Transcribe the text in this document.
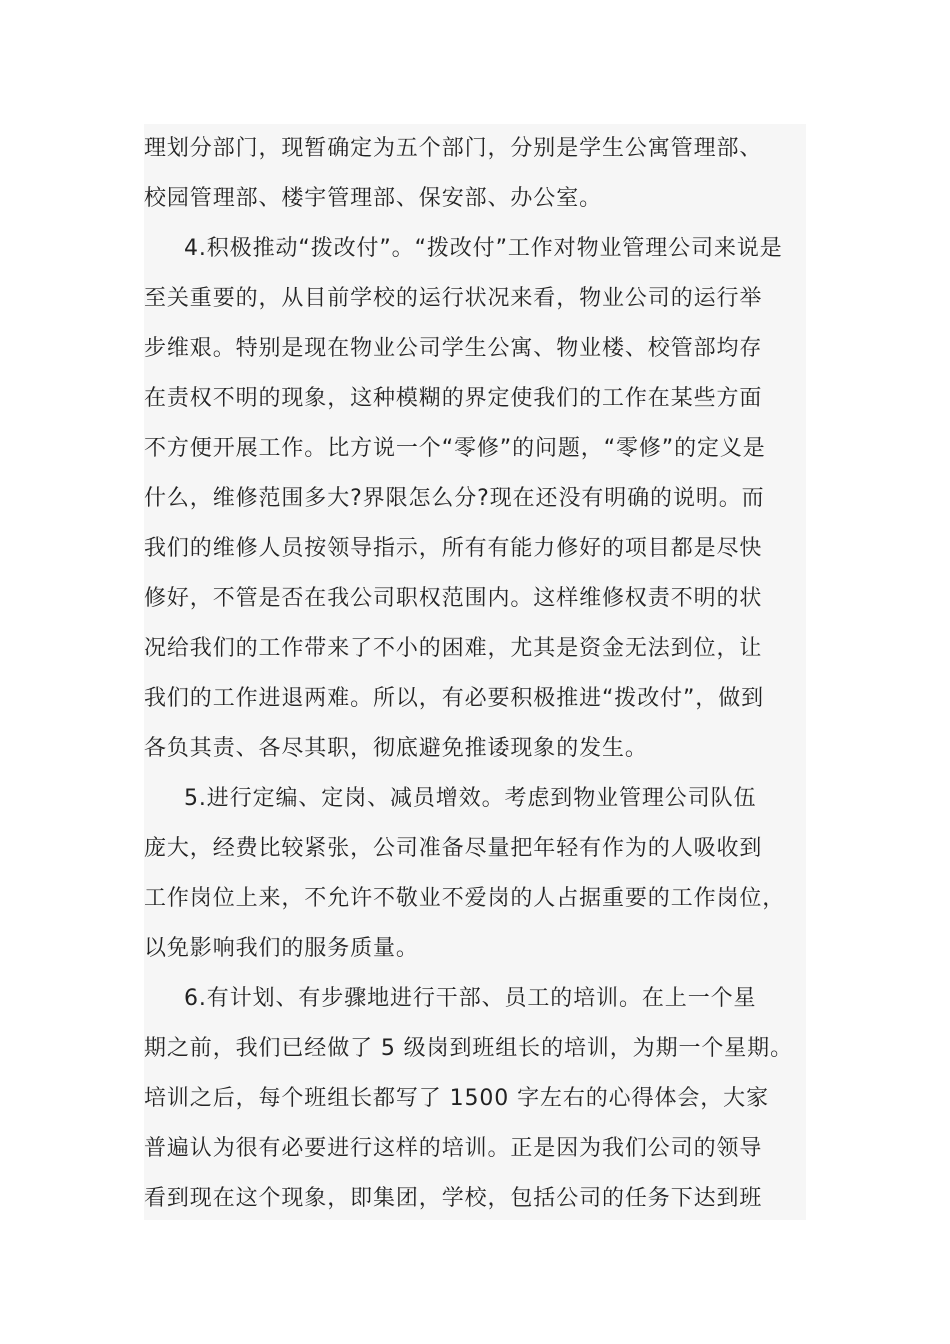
理划分部门，现暂确定为五个部门，分别是学生公寓管理部、
校园管理部、楼宇管理部、保安部、办公室。
4.积极推动“拨改付”。“拨改付”工作对物业管理公司来说是
至关重要的，从目前学校的运行状况来看，物业公司的运行举
步维艰。特别是现在物业公司学生公寓、物业楼、校管部均存
在责权不明的现象，这种模糊的界定使我们的工作在某些方面
不方便开展工作。比方说一个“零修”的问题，“零修”的定义是
什么，维修范围多大?界限怎么分?现在还没有明确的说明。而
我们的维修人员按领导指示，所有有能力修好的项目都是尽快
修好，不管是否在我公司职权范围内。这样维修权责不明的状
况给我们的工作带来了不小的困难，尤其是资金无法到位，让
我们的工作进退两难。所以，有必要积极推进“拨改付”，做到
各负其责、各尽其职，彻底避免推诿现象的发生。
5.进行定编、定岗、减员增效。考虑到物业管理公司队伍
庞大，经费比较紧张，公司准备尽量把年轻有作为的人吸收到
工作岗位上来，不允许不敬业不爱岗的人占据重要的工作岗位，
以免影响我们的服务质量。
6.有计划、有步骤地进行干部、员工的培训。在上一个星
期之前，我们已经做了 5 级岗到班组长的培训，为期一个星期。
培训之后，每个班组长都写了 1500 字左右的心得体会，大家
普遍认为很有必要进行这样的培训。正是因为我们公司的领导
看到现在这个现象，即集团，学校，包括公司的任务下达到班
